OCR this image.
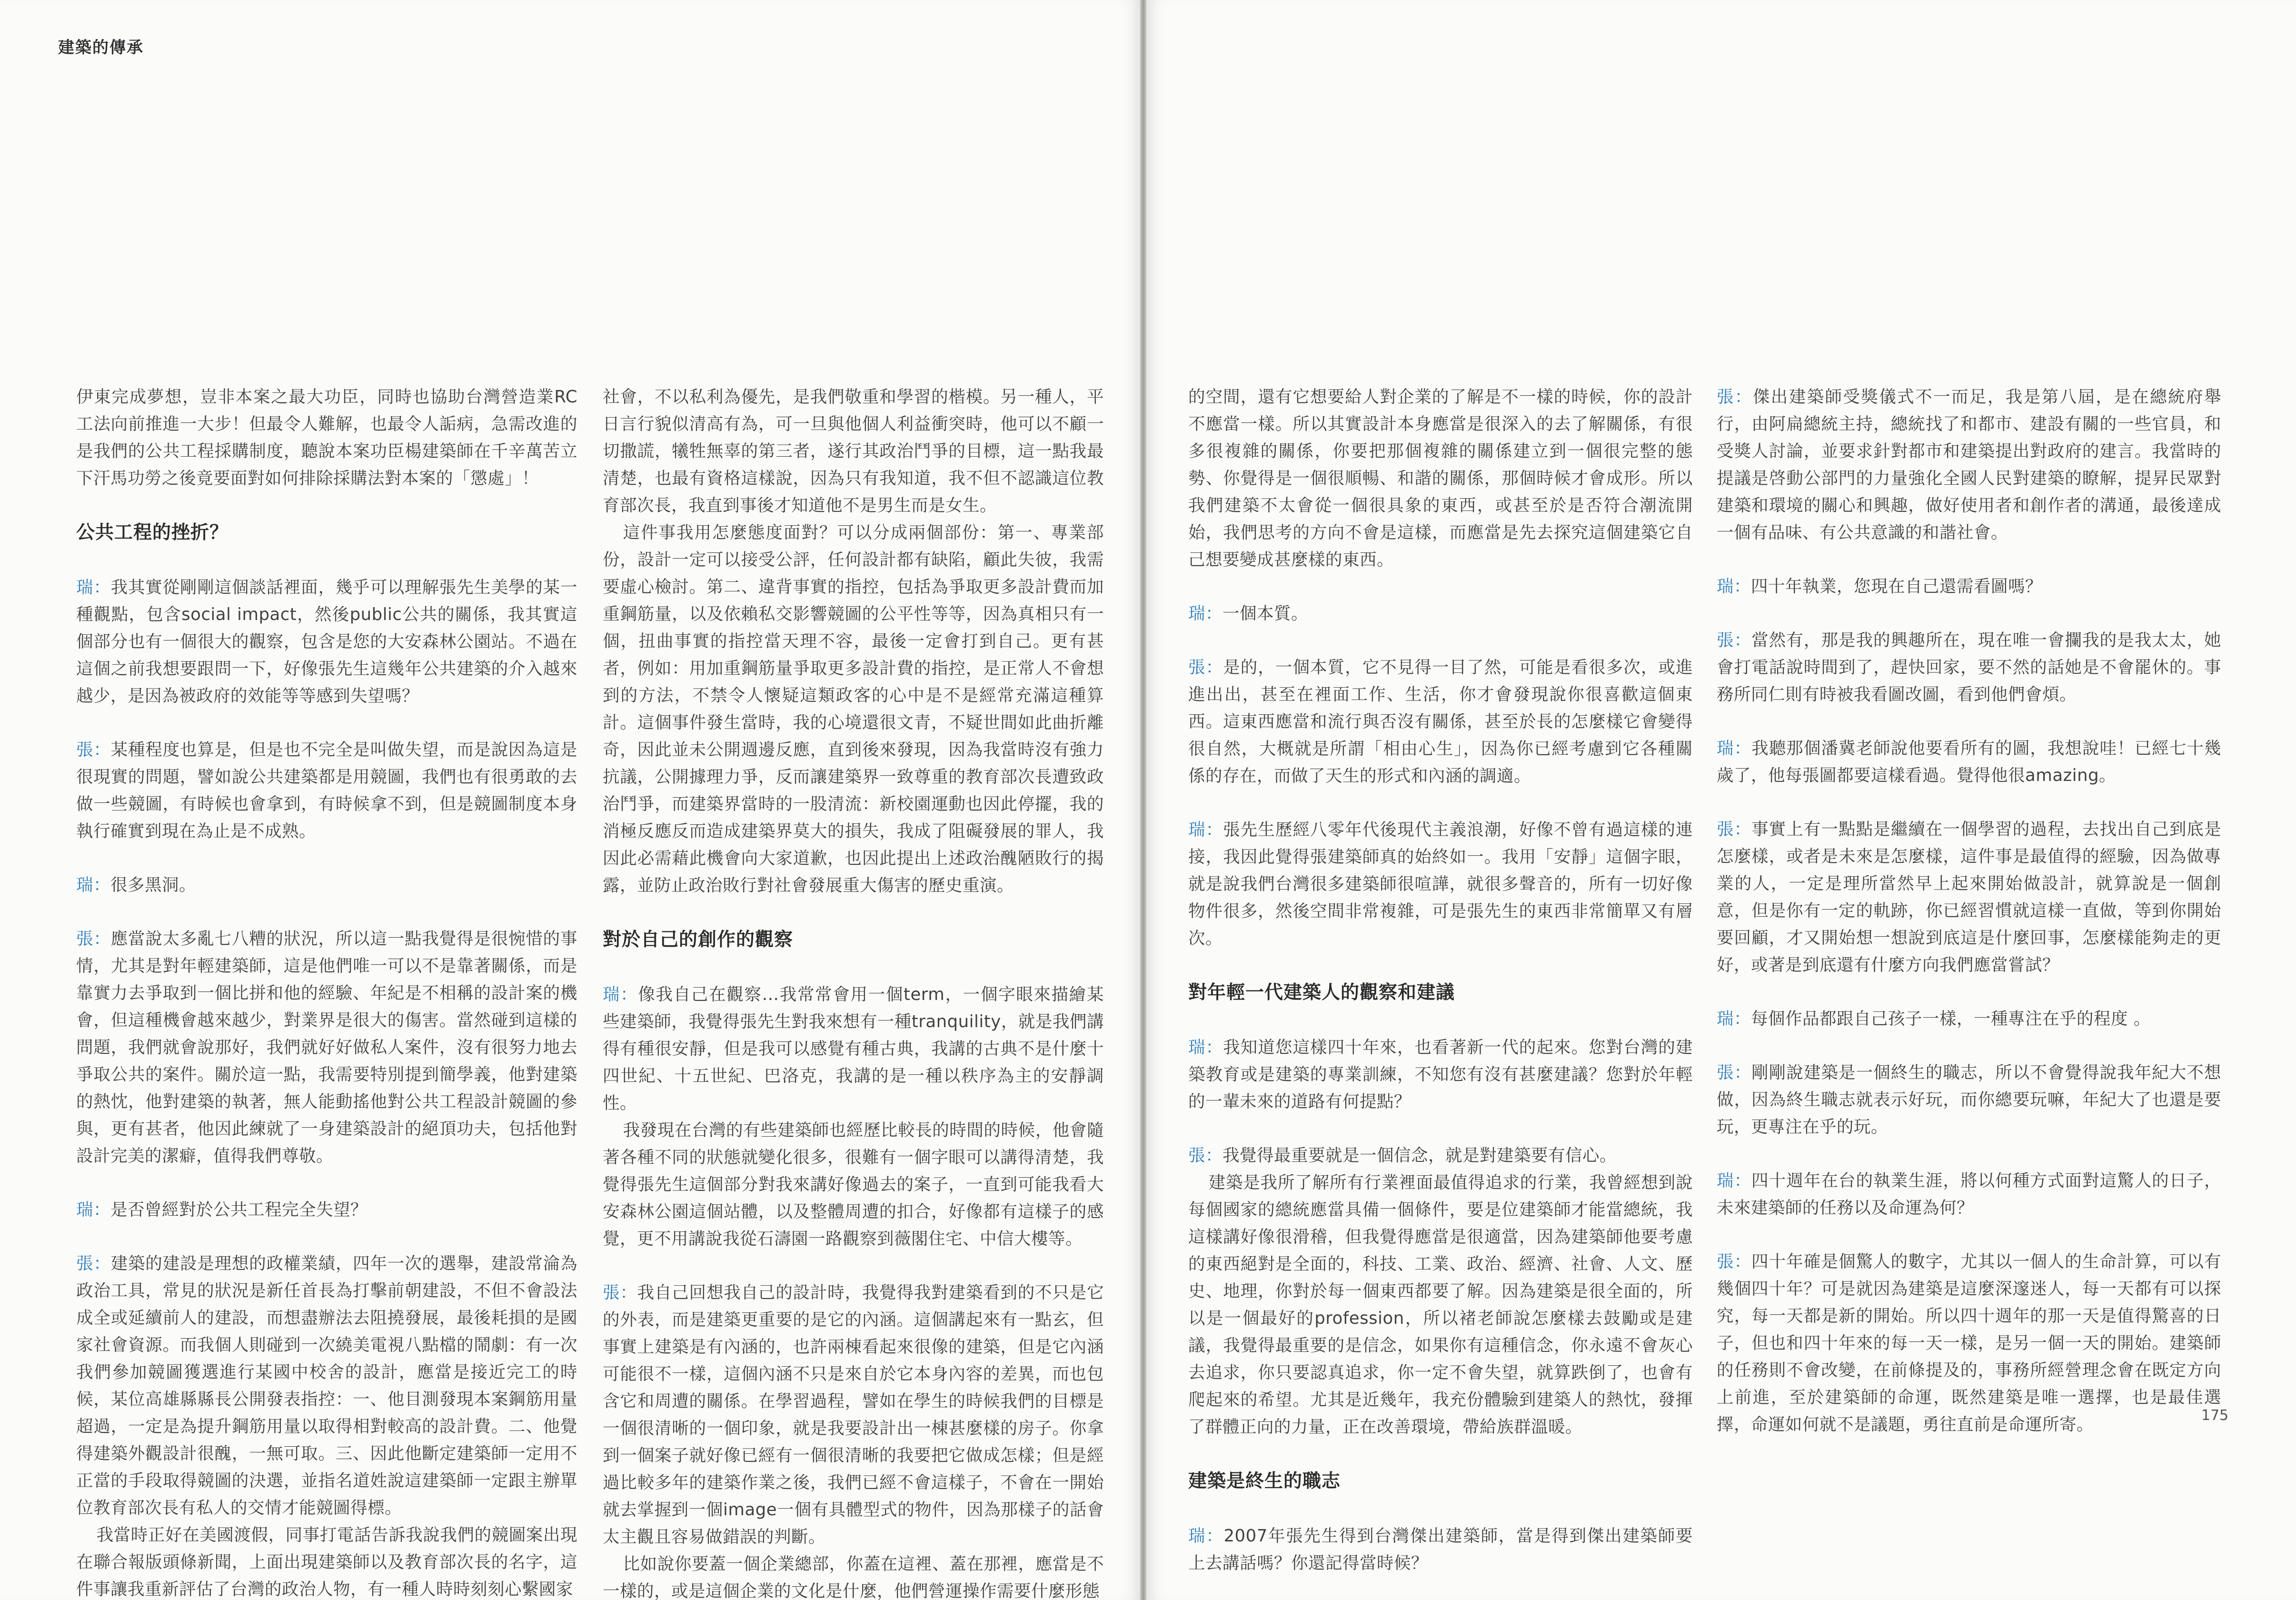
建築的傳承

伊東完成夢想，豈非本案之最大功臣，同時也協助台灣營造業RC工法向前推進一大步！但最令人難解，也最令人詬病，急需改進的是我們的公共工程採購制度，聽說本案功臣楊建築師在千辛萬苦立下汗馬功勞之後竟要面對如何排除採購法對本案的「懲處」！

公共工程的挫折？

瑞：我其實從剛剛這個談話裡面，幾乎可以理解張先生美學的某一種觀點，包含social impact，然後public公共的關係，我其實這個部分也有一個很大的觀察，包含是您的大安森林公園站。不過在這個之前我想要跟問一下，好像張先生這幾年公共建築的介入越來越少，是因為被政府的效能等等感到失望嗎？

張：某種程度也算是，但是也不完全是叫做失望，而是說因為這是很現實的問題，譬如說公共建築都是用競圖，我們也有很勇敢的去做一些競圖，有時候也會拿到，有時候拿不到，但是競圖制度本身執行確實到現在為止是不成熟。

瑞：很多黑洞。

張：應當說太多亂七八糟的狀況，所以這一點我覺得是很惋惜的事情，尤其是對年輕建築師，這是他們唯一可以不是靠著關係，而是靠實力去爭取到一個比拼和他的經驗、年紀是不相稱的設計案的機會，但這種機會越來越少，對業界是很大的傷害。當然碰到這樣的問題，我們就會說那好，我們就好好做私人案件，沒有很努力地去爭取公共的案件。關於這一點，我需要特別提到簡學義，他對建築的熱忱，他對建築的執著，無人能動搖他對公共工程設計競圖的參與，更有甚者，他因此練就了一身建築設計的絕頂功夫，包括他對設計完美的潔癖，值得我們尊敬。

瑞：是否曾經對於公共工程完全失望？

張：建築的建設是理想的政權業績，四年一次的選舉，建設常淪為政治工具，常見的狀況是新任首長為打擊前朝建設，不但不會設法成全或延續前人的建設，而想盡辦法去阻撓發展，最後耗損的是國家社會資源。而我個人則碰到一次繞美電視八點檔的鬧劇：有一次我們參加競圖獲選進行某國中校舍的設計，應當是接近完工的時候，某位高雄縣縣長公開發表指控：一、他目測發現本案鋼筋用量超過，一定是為提升鋼筋用量以取得相對較高的設計費。二、他覺得建築外觀設計很醜，一無可取。三、因此他斷定建築師一定用不正當的手段取得競圖的決選，並指名道姓說這建築師一定跟主辦單位教育部次長有私人的交情才能競圖得標。

我當時正好在美國渡假，同事打電話告訴我說我們的競圖案出現在聯合報版頭條新聞，上面出現建築師以及教育部次長的名字，這件事讓我重新評估了台灣的政治人物，有一種人時時刻刻心繫國家

社會，不以私利為優先，是我們敬重和學習的楷模。另一種人，平日言行貌似清高有為，可一旦與他個人利益衝突時，他可以不顧一切撒謊，犧牲無辜的第三者，遂行其政治鬥爭的目標，這一點我最清楚，也最有資格這樣說，因為只有我知道，我不但不認識這位教育部次長，我直到事後才知道他不是男生而是女生。

這件事我用怎麼態度面對？可以分成兩個部份：第一、專業部份，設計一定可以接受公評，任何設計都有缺陷，顧此失彼，我需要虛心檢討。第二、違背事實的指控，包括為爭取更多設計費而加重鋼筋量，以及依賴私交影響競圖的公平性等等，因為真相只有一個，扭曲事實的指控當天理不容，最後一定會打到自己。更有甚者，例如：用加重鋼筋量爭取更多設計費的指控，是正常人不會想到的方法，不禁令人懷疑這類政客的心中是不是經常充滿這種算計。這個事件發生當時，我的心境還很文青，不疑世間如此曲折離奇，因此並未公開週邊反應，直到後來發現，因為我當時沒有強力抗議，公開據理力爭，反而讓建築界一致尊重的教育部次長遭致政治鬥爭，而建築界當時的一股清流：新校園運動也因此停擺，我的消極反應反而造成建築界莫大的損失，我成了阻礙發展的罪人，我因此必需藉此機會向大家道歉，也因此提出上述政治醜陋敗行的揭露，並防止政治敗行對社會發展重大傷害的歷史重演。

對於自己的創作的觀察

瑞：像我自己在觀察…我常常會用一個term，一個字眼來描繪某些建築師，我覺得張先生對我來想有一種tranquility，就是我們講得有種很安靜，但是我可以感覺有種古典，我講的古典不是什麼十四世紀、十五世紀、巴洛克，我講的是一種以秩序為主的安靜調性。

我發現在台灣的有些建築師也經歷比較長的時間的時候，他會隨著各種不同的狀態就變化很多，很難有一個字眼可以講得清楚，我覺得張先生這個部分對我來講好像過去的案子，一直到可能我看大安森林公園這個站體，以及整體周遭的扣合，好像都有這樣子的感覺，更不用講說我從石濤園一路觀察到薇閣住宅、中信大樓等。

張：我自己回想我自己的設計時，我覺得我對建築看到的不只是它的外表，而是建築更重要的是它的內涵。這個講起來有一點玄，但事實上建築是有內涵的，也許兩棟看起來很像的建築，但是它內涵可能很不一樣，這個內涵不只是來自於它本身內容的差異，而也包含它和周遭的關係。在學習過程，譬如在學生的時候我們的目標是一個很清晰的一個印象，就是我要設計出一棟甚麼樣的房子。你拿到一個案子就好像已經有一個很清晰的我要把它做成怎樣；但是經過比較多年的建築作業之後，我們已經不會這樣子，不會在一開始就去掌握到一個image一個有具體型式的物件，因為那樣子的話會太主觀且容易做錯誤的判斷。

比如說你要蓋一個企業總部，你蓋在這裡、蓋在那裡，應當是不一樣的，或是這個企業的文化是什麼，他們營運操作需要什麼形態

的空間，還有它想要給人對企業的了解是不一樣的時候，你的設計不應當一樣。所以其實設計本身應當是很深入的去了解關係，有很多很複雜的關係，你要把那個複雜的關係建立到一個很完整的態勢、你覺得是一個很順暢、和諧的關係，那個時候才會成形。所以我們建築不太會從一個很具象的東西，或甚至於是否符合潮流開始，我們思考的方向不會是這樣，而應當是先去探究這個建築它自己想要變成甚麼樣的東西。

瑞：一個本質。

張：是的，一個本質，它不見得一目了然，可能是看很多次，或進進出出，甚至在裡面工作、生活，你才會發現說你很喜歡這個東西。這東西應當和流行與否沒有關係，甚至於長的怎麼樣它會變得很自然，大概就是所謂「相由心生」，因為你已經考慮到它各種關係的存在，而做了天生的形式和內涵的調適。

瑞：張先生歷經八零年代後現代主義浪潮，好像不曾有過這樣的連接，我因此覺得張建築師真的始終如一。我用「安靜」這個字眼，就是說我們台灣很多建築師很喧譁，就很多聲音的，所有一切好像物件很多，然後空間非常複雜，可是張先生的東西非常簡單又有層次。

對年輕一代建築人的觀察和建議

瑞：我知道您這樣四十年來，也看著新一代的起來。您對台灣的建築教育或是建築的專業訓練，不知您有沒有甚麼建議？您對於年輕的一輩未來的道路有何提點？

張：我覺得最重要就是一個信念，就是對建築要有信心。

建築是我所了解所有行業裡面最值得追求的行業，我曾經想到說每個國家的總統應當具備一個條件，要是位建築師才能當總統，我這樣講好像很滑稽，但我覺得應當是很適當，因為建築師他要考慮的東西絕對是全面的，科技、工業、政治、經濟、社會、人文、歷史、地理，你對於每一個東西都要了解。因為建築是很全面的，所以是一個最好的profession，所以褚老師說怎麼樣去鼓勵或是建議，我覺得最重要的是信念，如果你有這種信念，你永遠不會灰心去追求，你只要認真追求，你一定不會失望，就算跌倒了，也會有爬起來的希望。尤其是近幾年，我充份體驗到建築人的熱忱，發揮了群體正向的力量，正在改善環境，帶給族群溫暖。

建築是終生的職志

瑞：2007年張先生得到台灣傑出建築師，當是得到傑出建築師要上去講話嗎？你還記得當時候？

張：傑出建築師受獎儀式不一而足，我是第八屆，是在總統府舉行，由阿扁總統主持，總統找了和都市、建設有關的一些官員，和受獎人討論，並要求針對都市和建築提出對政府的建言。我當時的提議是啓動公部門的力量強化全國人民對建築的瞭解，提昇民眾對建築和環境的關心和興趣，做好使用者和創作者的溝通，最後達成一個有品味、有公共意識的和諧社會。

瑞：四十年執業，您現在自己還需看圖嗎？

張：當然有，那是我的興趣所在，現在唯一會攔我的是我太太，她會打電話說時間到了，趕快回家，要不然的話她是不會罷休的。事務所同仁則有時被我看圖改圖，看到他們會煩。

瑞：我聽那個潘冀老師說他要看所有的圖，我想說哇！已經七十幾歲了，他每張圖都要這樣看過。覺得他很amazing。

張：事實上有一點點是繼續在一個學習的過程，去找出自己到底是怎麼樣，或者是未來是怎麼樣，這件事是最值得的經驗，因為做專業的人，一定是理所當然早上起來開始做設計，就算說是一個創意，但是你有一定的軌跡，你已經習慣就這樣一直做，等到你開始要回顧，才又開始想一想說到底這是什麼回事，怎麼樣能夠走的更好，或著是到底還有什麼方向我們應當嘗試？

瑞：每個作品都跟自己孩子一樣，一種專注在乎的程度 。

張：剛剛說建築是一個終生的職志，所以不會覺得說我年紀大不想做，因為終生職志就表示好玩，而你總要玩嘛，年紀大了也還是要玩，更專注在乎的玩。

瑞：四十週年在台的執業生涯，將以何種方式面對這驚人的日子，未來建築師的任務以及命運為何？

張：四十年確是個驚人的數字，尤其以一個人的生命計算，可以有幾個四十年？可是就因為建築是這麼深邃迷人，每一天都有可以探究，每一天都是新的開始。所以四十週年的那一天是值得驚喜的日子，但也和四十年來的每一天一樣，是另一個一天的開始。建築師的任務則不會改變，在前條提及的，事務所經營理念會在既定方向上前進，至於建築師的命運，既然建築是唯一選擇，也是最佳選擇，命運如何就不是議題，勇往直前是命運所寄。	175
